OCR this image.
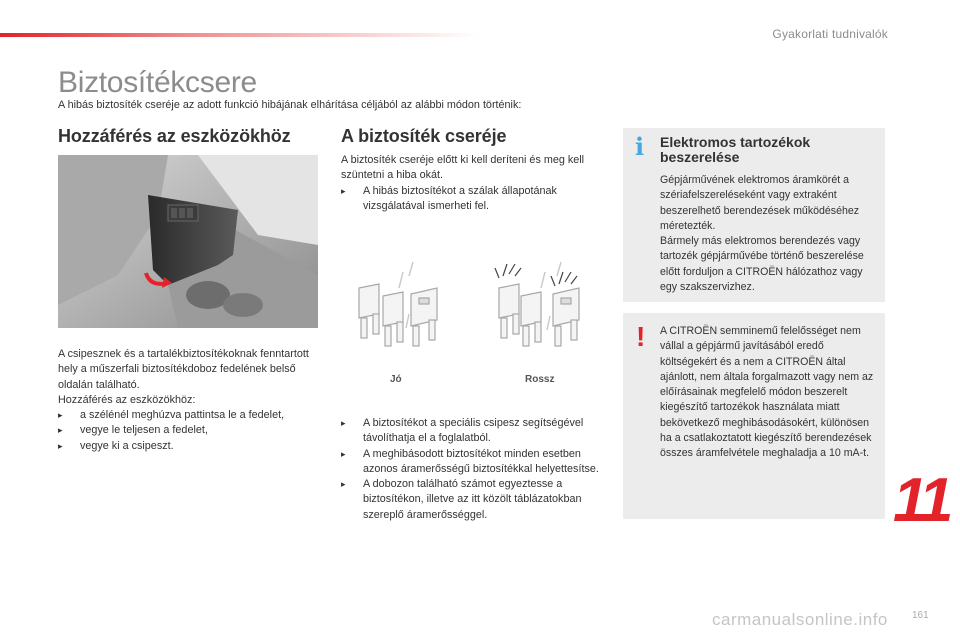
Gyakorlati tudnivalók
Biztosítékcsere

A hibás biztosíték cseréje az adott funkció hibájának elhárítása céljából az alábbi módon történik:

Hozzáférés az eszközökhöz	A biztosíték cseréje

A csipesznek és a tartalékbiztosítékoknak fenntartott hely a műszerfali biztosítékdoboz fedelének belső oldalán található.

Hozzáférés az eszközökhöz:

▸	a szélénél meghúzva pattintsa le a fedelet,
▸	vegye le teljesen a fedelet,
▸	vegye ki a csipeszt.

A biztosíték cseréje előtt ki kell deríteni és meg kell szüntetni a hiba okát.

▸	A hibás biztosítékot a szálak állapotának vizsgálatával ismerheti fel.
Jó	Rossz
▸	A biztosítékot a speciális csipesz segítségével távolíthatja el a foglalatból.
▸	A meghibásodott biztosítékot minden esetben azonos áramerősségű biztosítékkal helyettesítse.
▸	A dobozon található számot egyeztesse a biztosítékon, illetve az itt közölt táblázatokban szereplő áramerősséggel.
i Elektromos tartozékok beszerelése

Gépjárművének elektromos áramkörét a szériafelszereléseként vagy extraként beszerelhető berendezések működéséhez méretezték.

Bármely más elektromos berendezés vagy tartozék gépjárművébe történő beszerelése előtt forduljon a CITROËN hálózathoz vagy egy szakszervizhez.

! A CITROËN semminemű felelősséget nem vállal a gépjármű javításából eredő költségekért és a nem a CITROËN által ajánlott, nem általa forgalmazott vagy nem az előírásainak megfelelő módon beszerelt kiegészítő tartozékok használata miatt bekövetkező meghibásodásokért, különösen ha a csatlakoztatott kiegészítő berendezések összes áramfelvétele meghaladja a 10 mA-t.
11
carmanualsonline.info 161
